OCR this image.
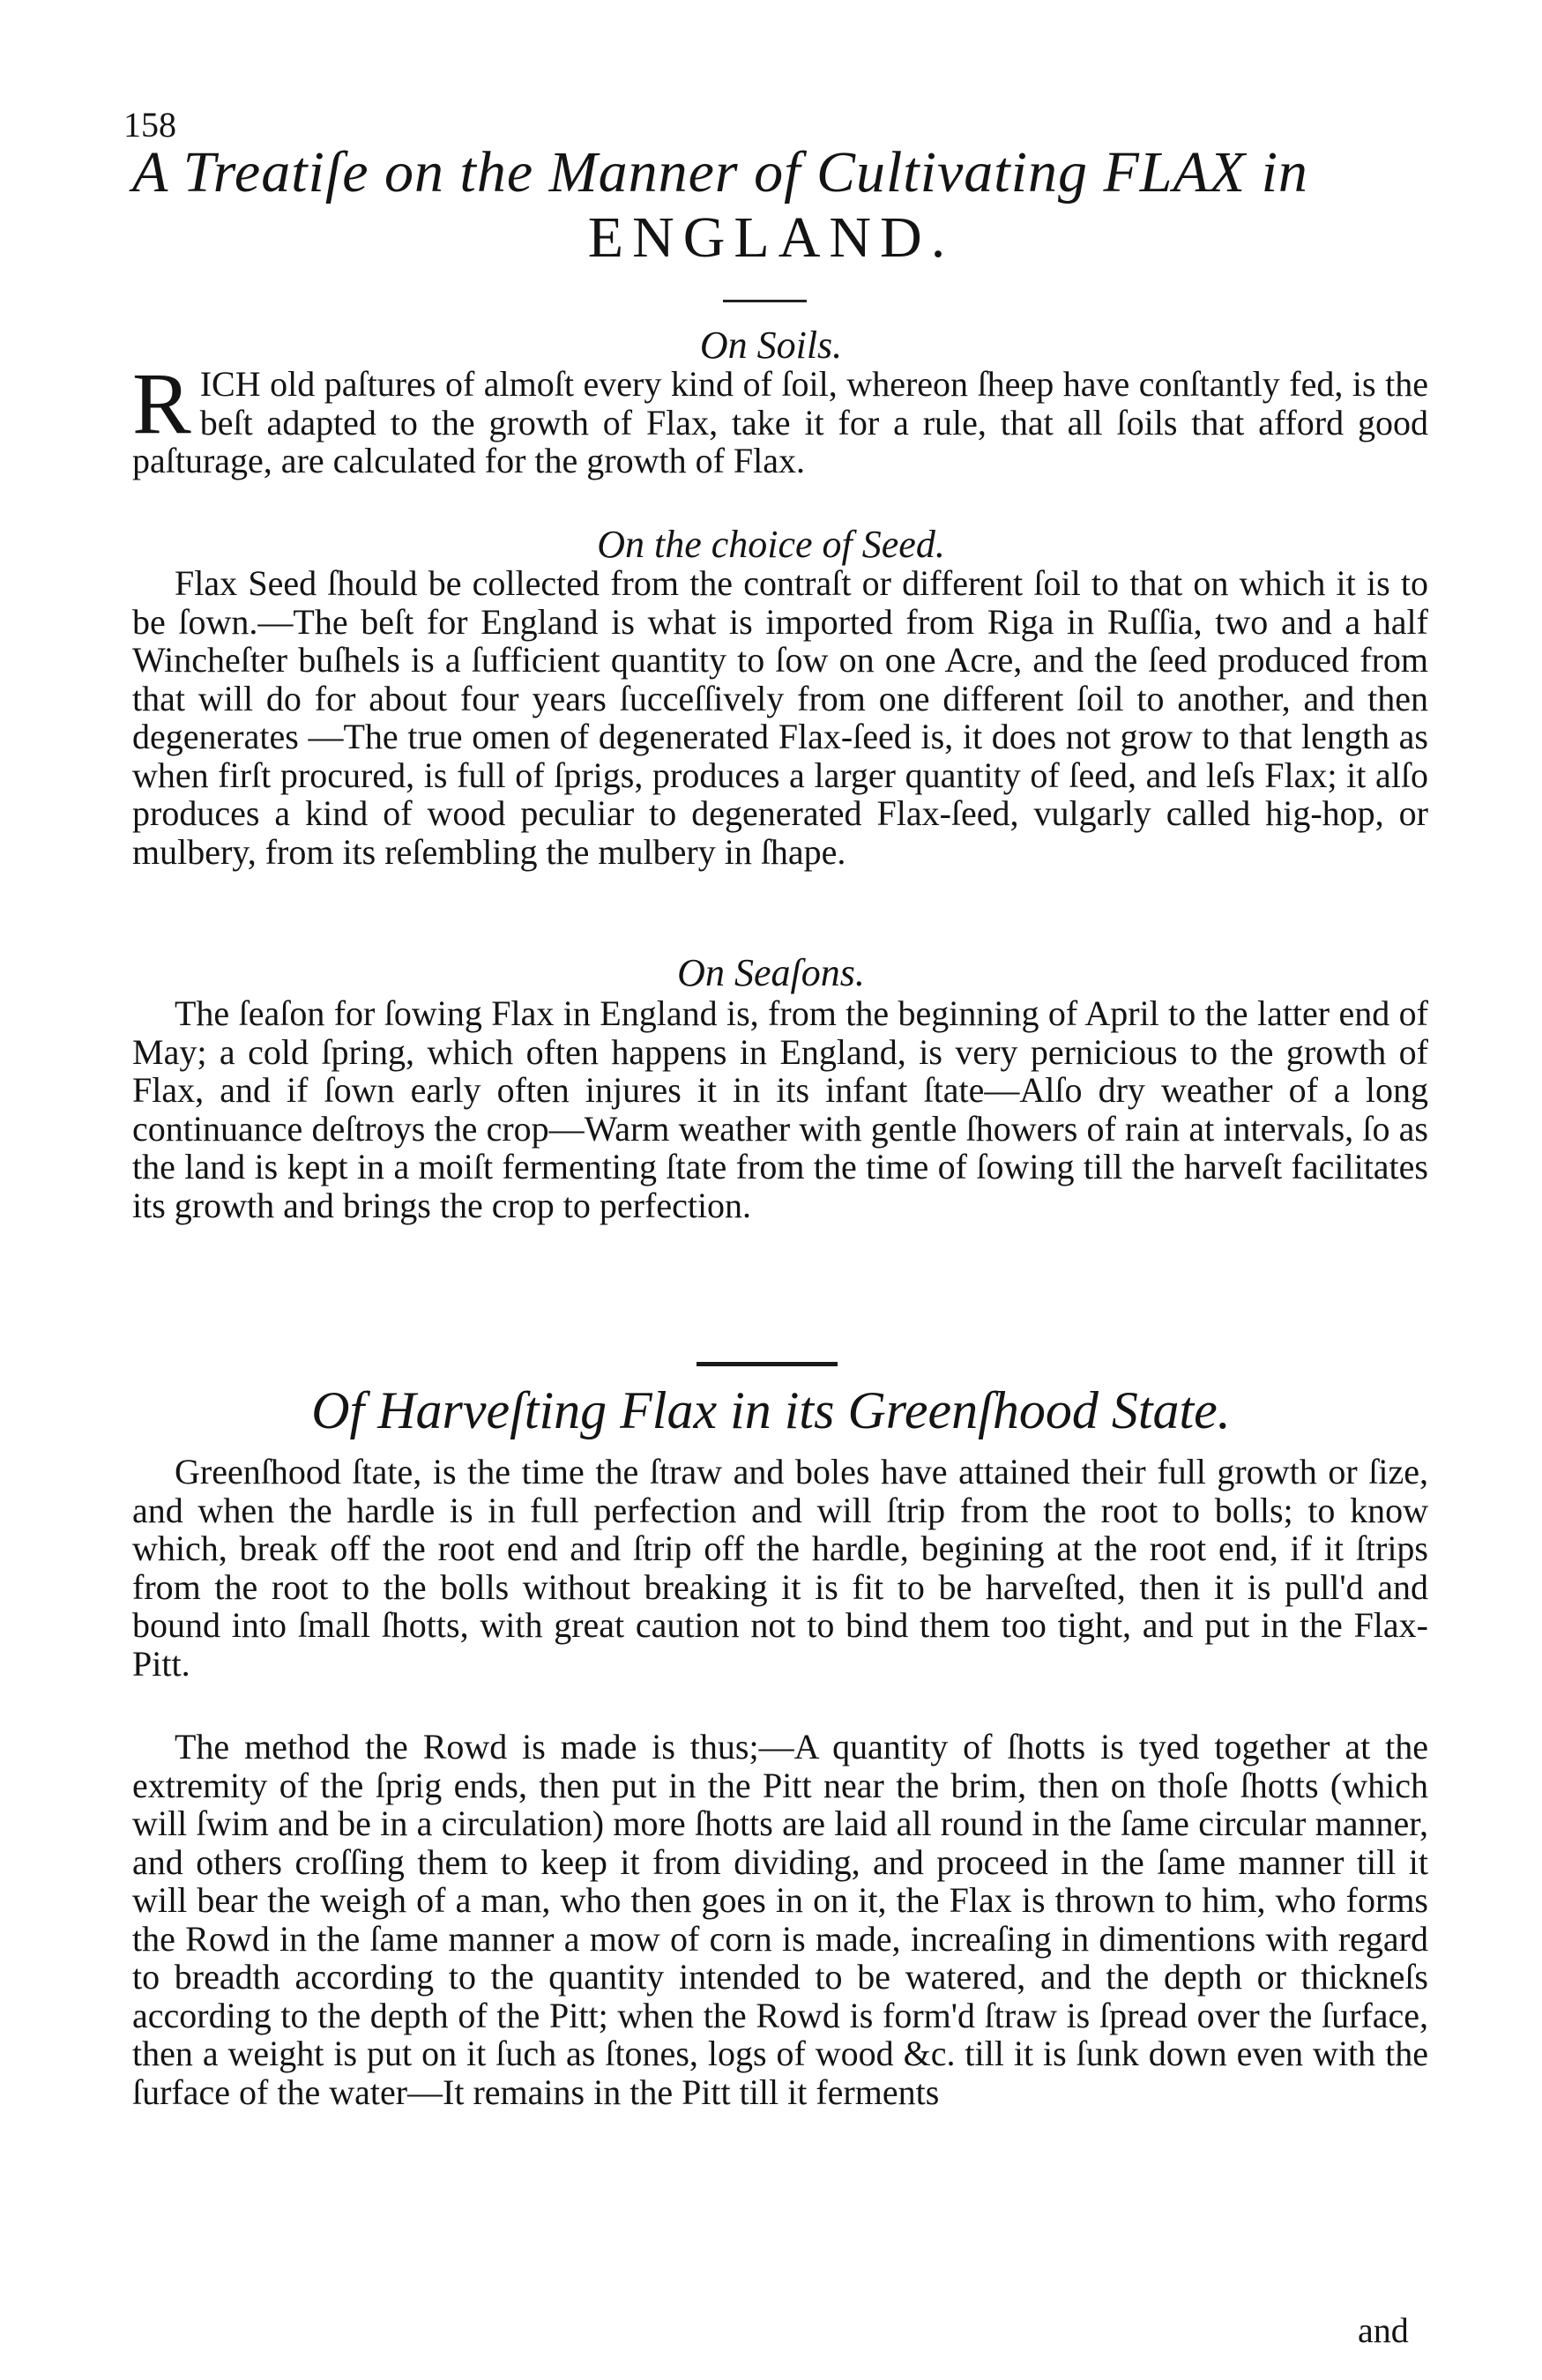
158
A Treatiſe on the Manner of Cultivating FLAX in
ENGLAND.
On Soils.

R ICH old paſtures of almoſt every kind of ſoil, whereon ſheep have conſtantly fed, is the beſt adapted to the growth of Flax, take it for a rule, that all ſoils that afford good paſturage, are calculated for the growth of Flax.

On the choice of Seed.

Flax Seed ſhould be collected from the contraſt or different ſoil to that on which it is to be ſown.—The beſt for England is what is imported from Riga in Ruſſia, two and a half Wincheſter buſhels is a ſufficient quantity to ſow on one Acre, and the ſeed produced from that will do for about four years ſucceſſively from one different ſoil to another, and then degenerates —The true omen of degenerated Flax-ſeed is, it does not grow to that length as when firſt procured, is full of ſprigs, produces a larger quantity of ſeed, and leſs Flax; it alſo produces a kind of wood peculiar to degenerated Flax-ſeed, vulgarly called hig-hop, or mulbery, from its reſembling the mulbery in ſhape.

On Seaſons.

The ſeaſon for ſowing Flax in England is, from the beginning of April to the latter end of May; a cold ſpring, which often happens in England, is very pernicious to the growth of Flax, and if ſown early often injures it in its infant ſtate—Alſo dry weather of a long continuance deſtroys the crop—Warm weather with gentle ſhowers of rain at intervals, ſo as the land is kept in a moiſt fermenting ſtate from the time of ſowing till the harveſt facilitates its growth and brings the crop to perfection.

Of Harveſting Flax in its Greenſhood State.

Greenſhood ſtate, is the time the ſtraw and boles have attained their full growth or ſize, and when the hardle is in full perfection and will ſtrip from the root to bolls; to know which, break off the root end and ſtrip off the hardle, begining at the root end, if it ſtrips from the root to the bolls without breaking it is fit to be harveſted, then it is pull'd and bound into ſmall ſhotts, with great caution not to bind them too tight, and put in the Flax-Pitt.

The method the Rowd is made is thus;—A quantity of ſhotts is tyed together at the extremity of the ſprig ends, then put in the Pitt near the brim, then on thoſe ſhotts (which will ſwim and be in a circulation) more ſhotts are laid all round in the ſame circular manner, and others croſſing them to keep it from dividing, and proceed in the ſame manner till it will bear the weigh of a man, who then goes in on it, the Flax is thrown to him, who forms the Rowd in the ſame manner a mow of corn is made, increaſing in dimentions with regard to breadth according to the quantity intended to be watered, and the depth or thickneſs according to the depth of the Pitt; when the Rowd is form'd ſtraw is ſpread over the ſurface, then a weight is put on it ſuch as ſtones, logs of wood &c. till it is ſunk down even with the ſurface of the water—It remains in the Pitt till it ferments

and
